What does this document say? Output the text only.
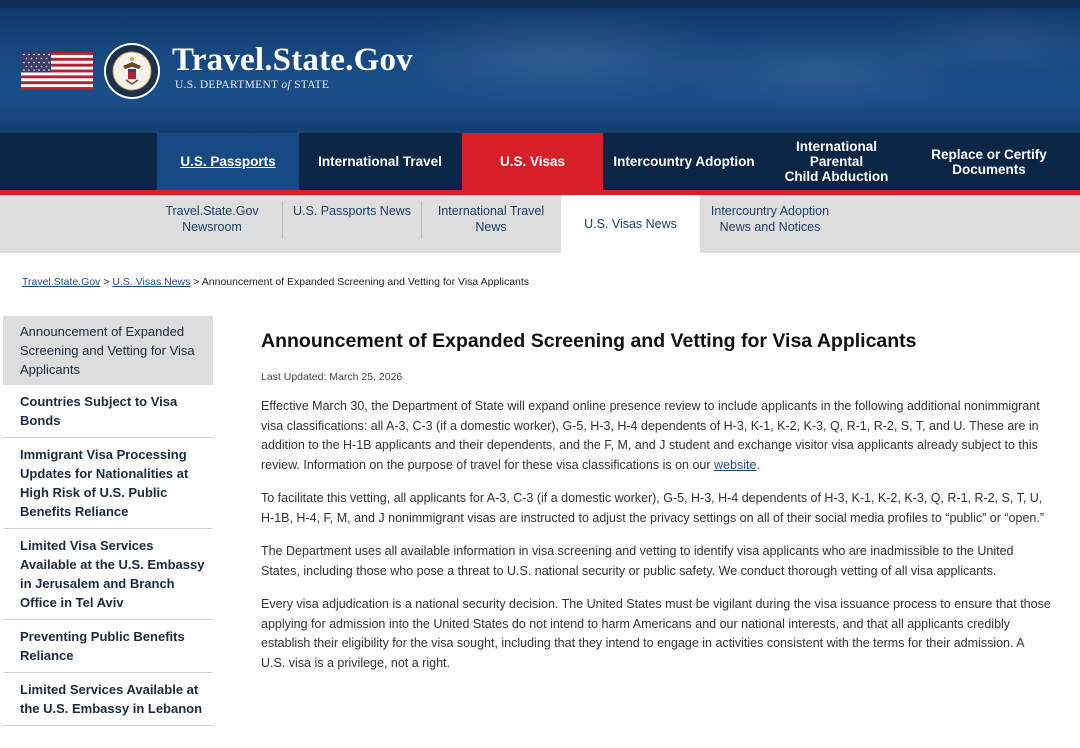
Travel.State.Gov
U.S. DEPARTMENT of STATE
U.S. Passports	International Travel	U.S. Visas	Intercountry Adoption
International Parental
Child Abduction
Replace or Certify
Documents
Travel.State.Gov
Newsroom
U.S. Passports News International Travel
News	U.S. Visas News
Intercountry Adoption
News and Notices
Travel.State.Gov > U.S. Visas News > Announcement of Expanded Screening and Vetting for Visa Applicants
Announcement of Expanded Screening and Vetting for Visa Applicants
Countries Subject to Visa Bonds
Immigrant Visa Processing Updates for Nationalities at High Risk of U.S. Public Benefits Reliance
Limited Visa Services Available at the U.S. Embassy in Jerusalem and Branch Office in Tel Aviv
Preventing Public Benefits Reliance
Limited Services Available at the U.S. Embassy in Lebanon
Announcement of Expanded Screening and Vetting for Visa Applicants
Last Updated: March 25, 2026

Effective March 30, the Department of State will expand online presence review to include applicants in the following additional nonimmigrant visa classifications: all A-3, C-3 (if a domestic worker), G-5, H-3, H-4 dependents of H-3, K-1, K-2, K-3, Q, R-1, R-2, S, T, and U. These are in addition to the H-1B applicants and their dependents, and the F, M, and J student and exchange visitor visa applicants already subject to this review. Information on the purpose of travel for these visa classifications is on our website.

To facilitate this vetting, all applicants for A-3, C-3 (if a domestic worker), G-5, H-3, H-4 dependents of H-3, K-1, K-2, K-3, Q, R-1, R-2, S, T, U, H-1B, H-4, F, M, and J nonimmigrant visas are instructed to adjust the privacy settings on all of their social media profiles to “public” or “open.”

The Department uses all available information in visa screening and vetting to identify visa applicants who are inadmissible to the United States, including those who pose a threat to U.S. national security or public safety. We conduct thorough vetting of all visa applicants.

Every visa adjudication is a national security decision. The United States must be vigilant during the visa issuance process to ensure that those applying for admission into the United States do not intend to harm Americans and our national interests, and that all applicants credibly establish their eligibility for the visa sought, including that they intend to engage in activities consistent with the terms for their admission. A U.S. visa is a privilege, not a right.
